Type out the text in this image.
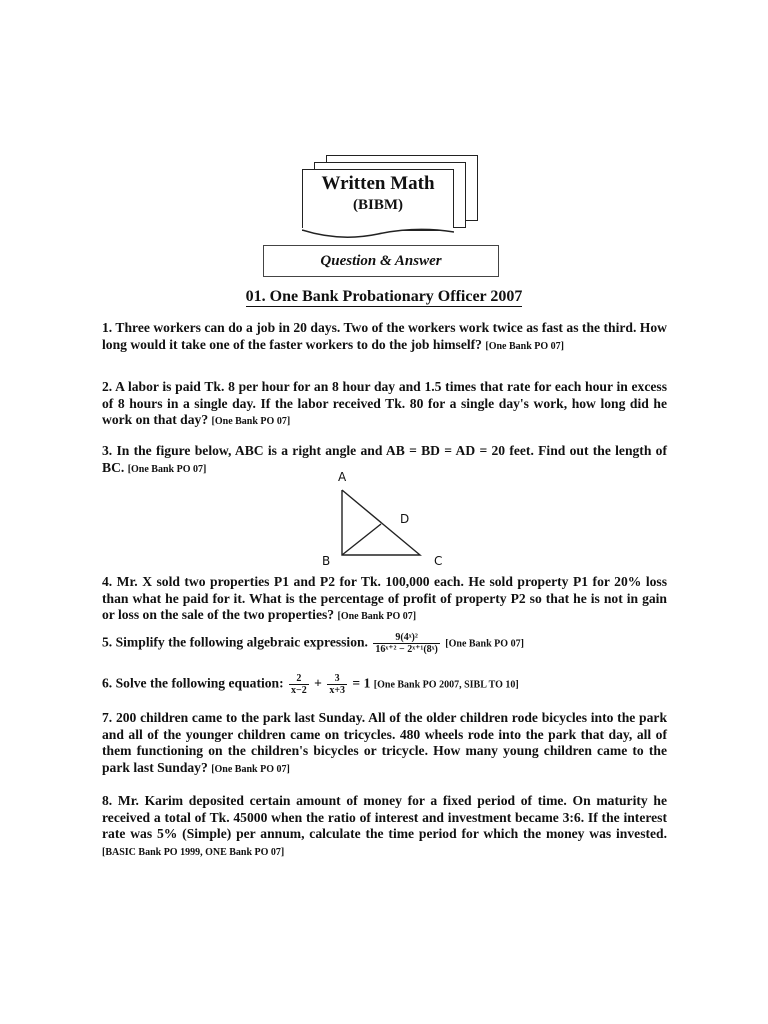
Written Math
(BIBM)
Question & Answer
01. One Bank Probationary Officer 2007
1. Three workers can do a job in 20 days. Two of the workers work twice as fast as the third. How long would it take one of the faster workers to do the job himself? [One Bank PO 07]
2. A labor is paid Tk. 8 per hour for an 8 hour day and 1.5 times that rate for each hour in excess of 8 hours in a single day. If the labor received Tk. 80 for a single day's work, how long did he work on that day? [One Bank PO 07]
3. In the figure below, ABC is a right angle and AB = BD = AD = 20 feet. Find out the length of BC. [One Bank PO 07]
A
D
B	C
4. Mr. X sold two properties P1 and P2 for Tk. 100,000 each. He sold property P1 for 20% loss than what he paid for it. What is the percentage of profit of property P2 so that he is not in gain or loss on the sale of the two properties? [One Bank PO 07]
5. Simplify the following algebraic expression. $\frac{\text{9(4ˣ)²}}{\text{16ˣ⁺² − 2ˣ⁺¹(8ˣ)}} [One$ Bank PO 07]
6. Solve the following equation: $\frac{2}{x-2} + \frac{3}{x+3} = 1$ [One Bank PO 2007, SIBL TO 10]
7. 200 children came to the park last Sunday. All of the older children rode bicycles into the park and all of the younger children came on tricycles. 480 wheels rode into the park that day, all of them functioning on the children's bicycles or tricycle. How many young children came to the park last Sunday? [One Bank PO 07]
8. Mr. Karim deposited certain amount of money for a fixed period of time. On maturity he received a total of Tk. 45000 when the ratio of interest and investment became 3:6. If the interest rate was 5% (Simple) per annum, calculate the time period for which the money was invested. [BASIC Bank PO 1999, ONE Bank PO 07]
